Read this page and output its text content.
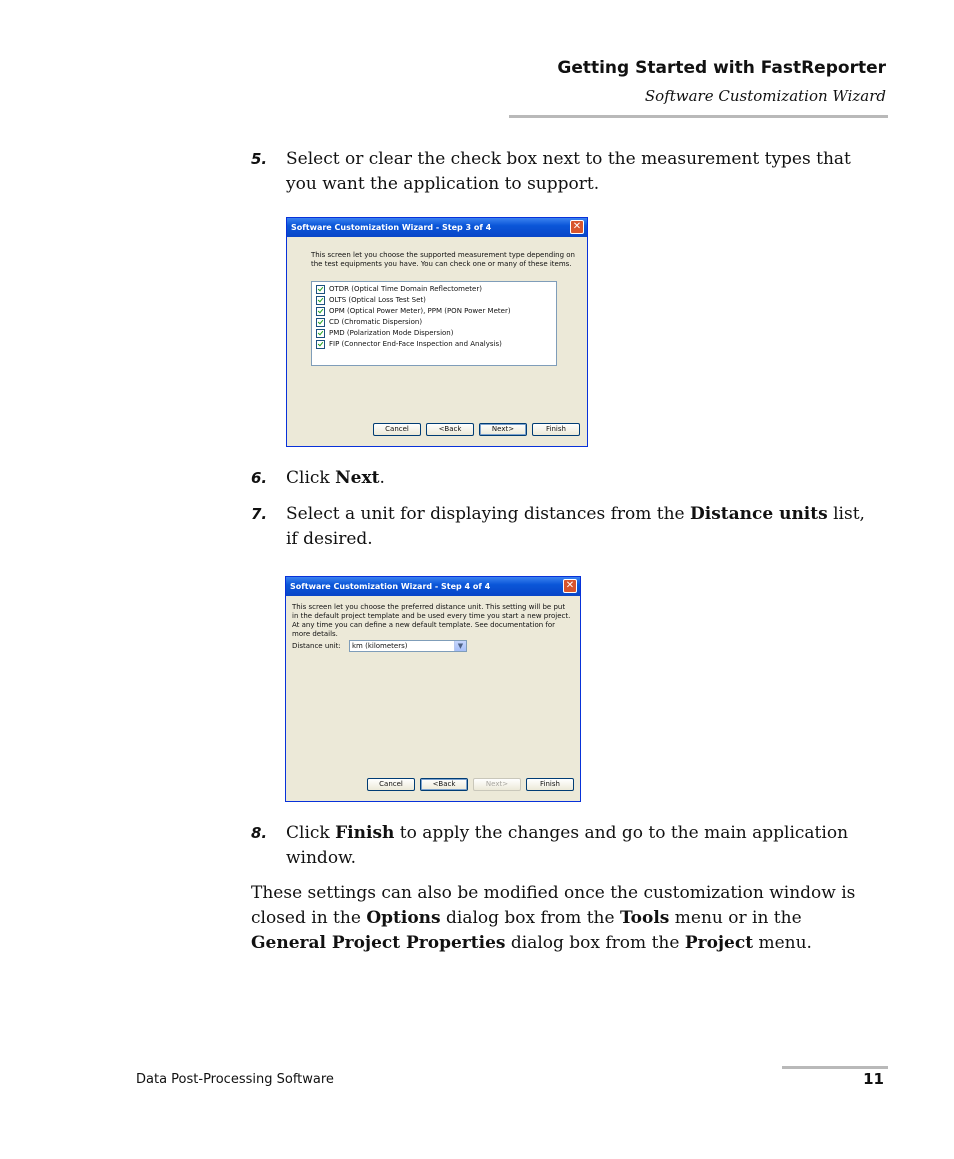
Getting Started with FastReporter
Software Customization Wizard
5. Select or clear the check box next to the measurement types that you want the application to support.
Software Customization Wizard - Step 3 of 4	✕
This screen let you choose the supported measurement type depending on the test equipments you have. You can check one or many of these items.
OTDR (Optical Time Domain Reflectometer)
OLTS (Optical Loss Test Set)
OPM (Optical Power Meter), PPM (PON Power Meter)
CD (Chromatic Dispersion)
PMD (Polarization Mode Dispersion)
FIP (Connector End-Face Inspection and Analysis)
Cancel	<Back	Next>	Finish
6. Click Next.
7. Select a unit for displaying distances from the Distance units list, if desired.
Software Customization Wizard - Step 4 of 4	✕
This screen let you choose the preferred distance unit. This setting will be put in the default project template and be used every time you start a new project. At any time you can define a new default template. See documentation for more details.
Distance unit:	km (kilometers)	▼
Cancel	<Back	Next>	Finish
8. Click Finish to apply the changes and go to the main application window.
These settings can also be modified once the customization window is closed in the Options dialog box from the Tools menu or in the General Project Properties dialog box from the Project menu.
Data Post-Processing Software	11
